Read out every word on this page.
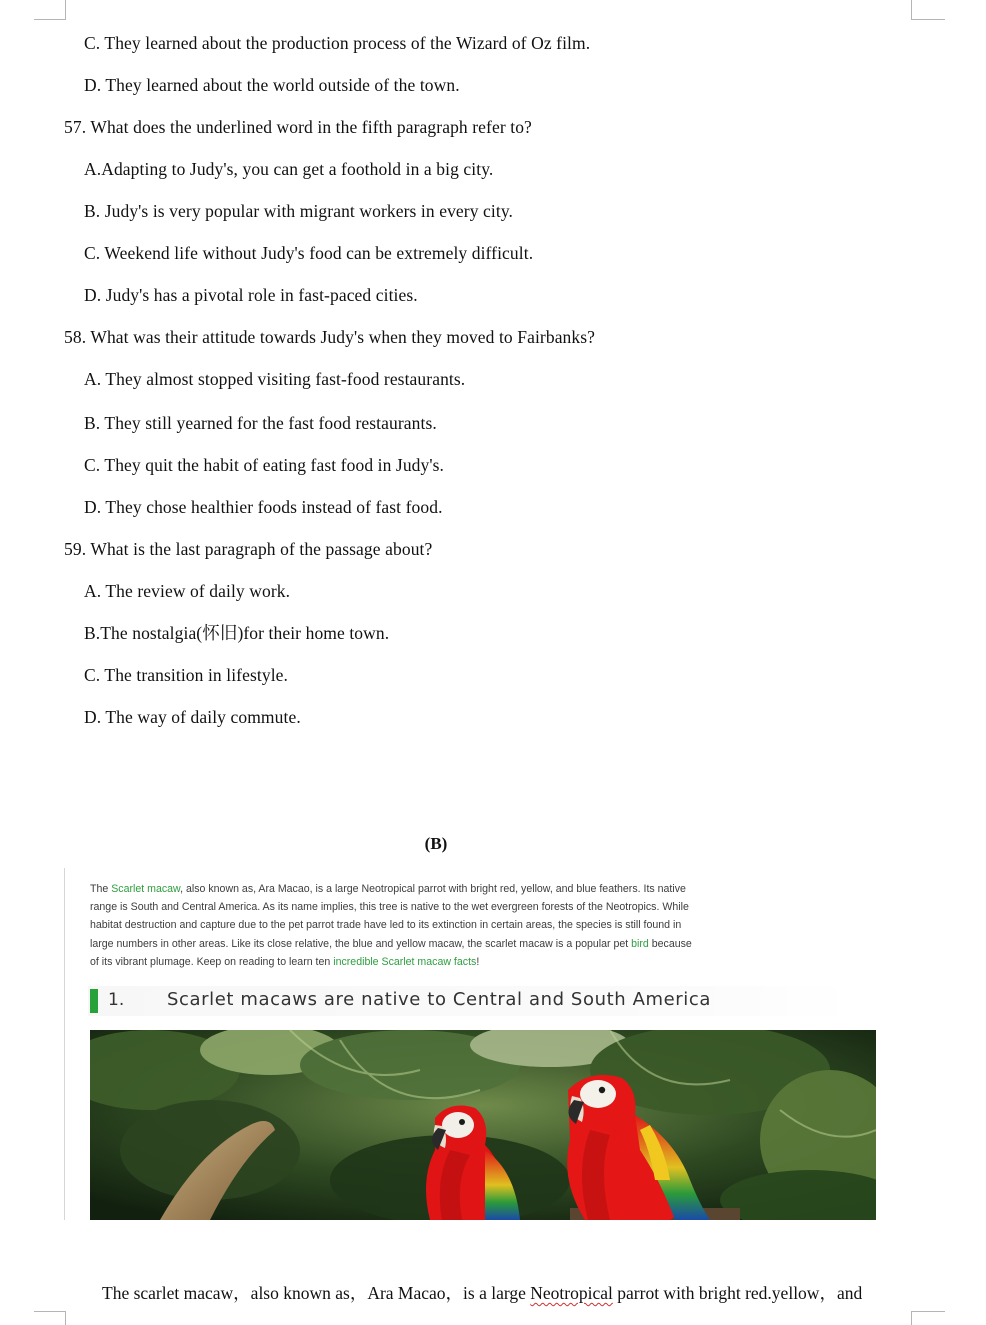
C. They learned about the production process of the Wizard of Oz film.
D. They learned about the world outside of the town.
57. What does the underlined word in the fifth paragraph refer to?
A.Adapting to Judy's, you can get a foothold in a big city.
B. Judy's is very popular with migrant workers in every city.
C. Weekend life without Judy's food can be extremely difficult.
D. Judy's has a pivotal role in fast-paced cities.
58. What was their attitude towards Judy's when they moved to Fairbanks?
A. They almost stopped visiting fast-food restaurants.
B. They still yearned for the fast food restaurants.
C. They quit the habit of eating fast food in Judy's.
D. They chose healthier foods instead of fast food.
59. What is the last paragraph of the passage about?
A. The review of daily work.
B.The nostalgia(怀旧)for their home town.
C. The transition in lifestyle.
D. The way of daily commute.
(B)

The Scarlet macaw, also known as, Ara Macao, is a large Neotropical parrot with bright red, yellow, and blue feathers. Its native

range is South and Central America. As its name implies, this tree is native to the wet evergreen forests of the Neotropics. While

habitat destruction and capture due to the pet parrot trade have led to its extinction in certain areas, the species is still found in

large numbers in other areas. Like its close relative, the blue and yellow macaw, the scarlet macaw is a popular pet bird because

of its vibrant plumage. Keep on reading to learn ten incredible Scarlet macaw facts!

1. Scarlet macaws are native to Central and South America
The scarlet macaw，also known as，Ara Macao，is a large Neotropical parrot with bright red.yellow，and
